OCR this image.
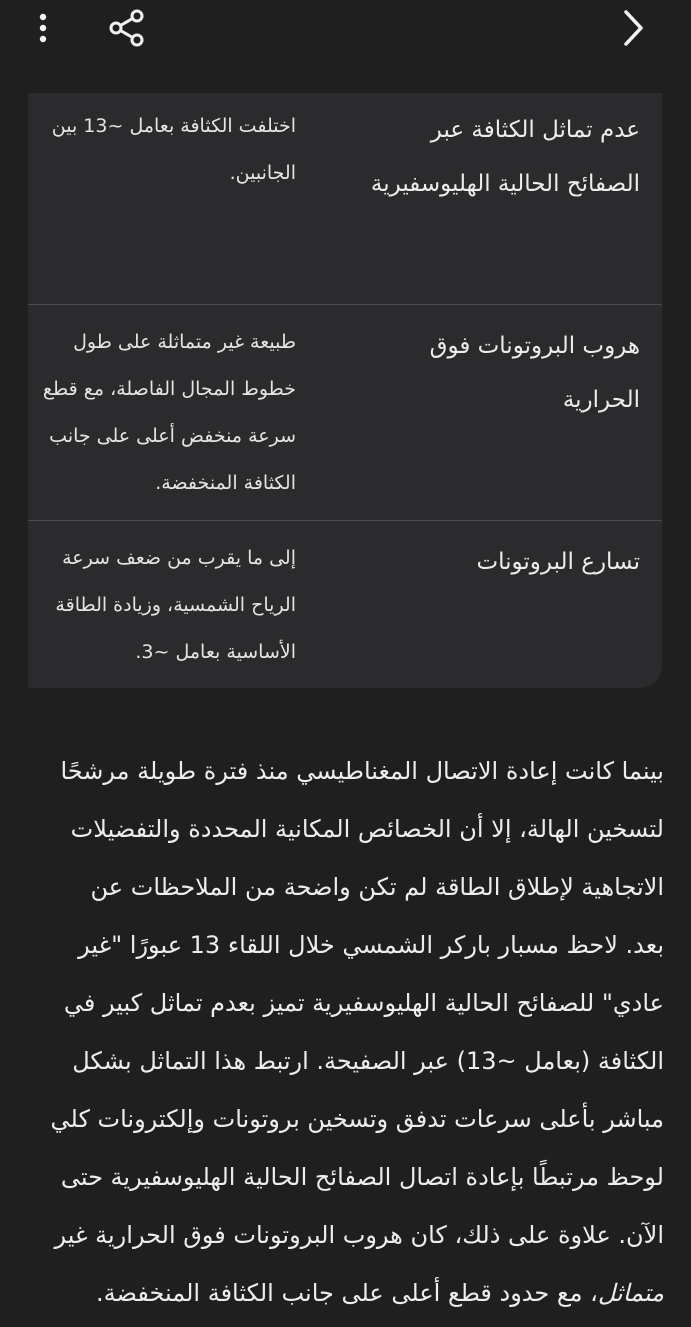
عدم تماثل الكثافة عبر
الصفائح الحالية الهليوسفيرية
اختلفت الكثافة بعامل ~13 بين
الجانبين.
هروب البروتونات فوق
الحرارية
طبيعة غير متماثلة على طول
خطوط المجال الفاصلة، مع قطع
سرعة منخفض أعلى على جانب
الكثافة المنخفضة.
تسارع البروتونات
إلى ما يقرب من ضعف سرعة
الرياح الشمسية، وزيادة الطاقة
الأساسية بعامل ~3.
بينما كانت إعادة الاتصال المغناطيسي منذ فترة طويلة مرشحًا
لتسخين الهالة، إلا أن الخصائص المكانية المحددة والتفضيلات
الاتجاهية لإطلاق الطاقة لم تكن واضحة من الملاحظات عن
بعد. لاحظ مسبار باركر الشمسي خلال اللقاء 13 عبورًا "غير
عادي" للصفائح الحالية الهليوسفيرية تميز بعدم تماثل كبير في
الكثافة (بعامل ~13) عبر الصفيحة. ارتبط هذا التماثل بشكل
مباشر بأعلى سرعات تدفق وتسخين بروتونات وإلكترونات كلي
لوحظ مرتبطًا بإعادة اتصال الصفائح الحالية الهليوسفيرية حتى
الآن. علاوة على ذلك، كان هروب البروتونات فوق الحرارية غير
متماثل، مع حدود قطع أعلى على جانب الكثافة المنخفضة.
